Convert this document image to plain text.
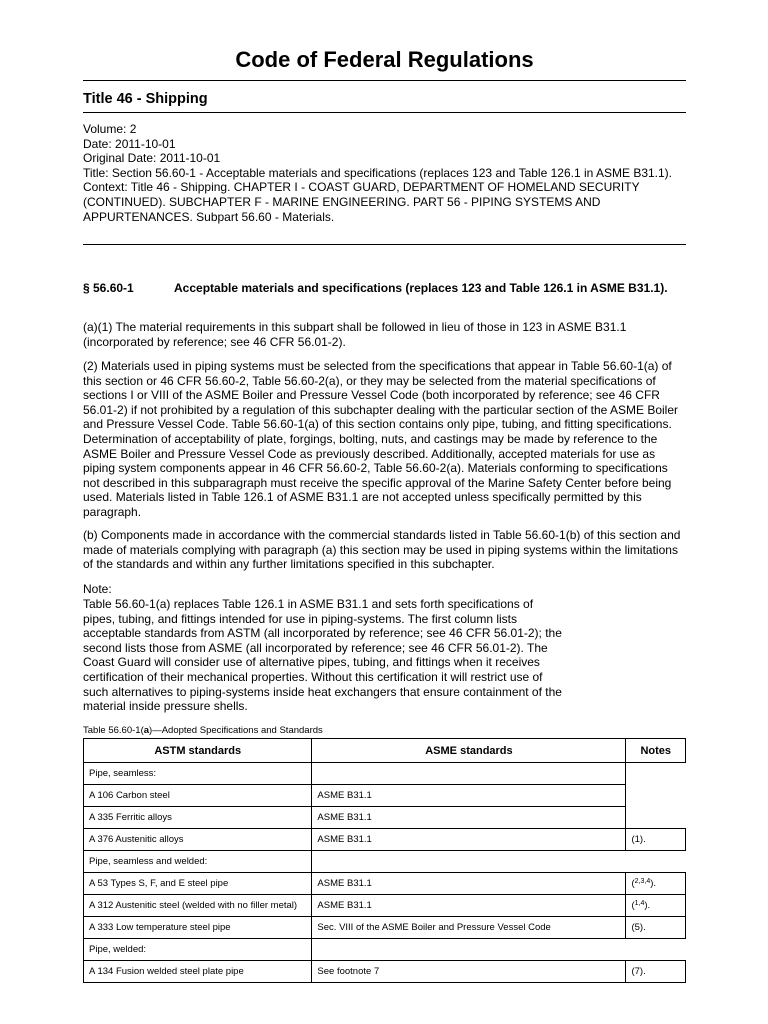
Code of Federal Regulations
Title 46 - Shipping
Volume: 2
Date: 2011-10-01
Original Date: 2011-10-01
Title: Section 56.60-1 - Acceptable materials and specifications (replaces 123 and Table 126.1 in ASME B31.1).
Context: Title 46 - Shipping. CHAPTER I - COAST GUARD, DEPARTMENT OF HOMELAND SECURITY (CONTINUED). SUBCHAPTER F - MARINE ENGINEERING. PART 56 - PIPING SYSTEMS AND APPURTENANCES. Subpart 56.60 - Materials.
§ 56.60-1	Acceptable materials and specifications (replaces 123 and Table 126.1 in ASME B31.1).
(a)(1) The material requirements in this subpart shall be followed in lieu of those in 123 in ASME B31.1 (incorporated by reference; see 46 CFR 56.01-2).
(2) Materials used in piping systems must be selected from the specifications that appear in Table 56.60-1(a) of this section or 46 CFR 56.60-2, Table 56.60-2(a), or they may be selected from the material specifications of sections I or VIII of the ASME Boiler and Pressure Vessel Code (both incorporated by reference; see 46 CFR 56.01-2) if not prohibited by a regulation of this subchapter dealing with the particular section of the ASME Boiler and Pressure Vessel Code. Table 56.60-1(a) of this section contains only pipe, tubing, and fitting specifications. Determination of acceptability of plate, forgings, bolting, nuts, and castings may be made by reference to the ASME Boiler and Pressure Vessel Code as previously described. Additionally, accepted materials for use as piping system components appear in 46 CFR 56.60-2, Table 56.60-2(a). Materials conforming to specifications not described in this subparagraph must receive the specific approval of the Marine Safety Center before being used. Materials listed in Table 126.1 of ASME B31.1 are not accepted unless specifically permitted by this paragraph.
(b) Components made in accordance with the commercial standards listed in Table 56.60-1(b) of this section and made of materials complying with paragraph (a) this section may be used in piping systems within the limitations of the standards and within any further limitations specified in this subchapter.
Note:
Table 56.60-1(a) replaces Table 126.1 in ASME B31.1 and sets forth specifications of pipes, tubing, and fittings intended for use in piping-systems. The first column lists acceptable standards from ASTM (all incorporated by reference; see 46 CFR 56.01-2); the second lists those from ASME (all incorporated by reference; see 46 CFR 56.01-2). The Coast Guard will consider use of alternative pipes, tubing, and fittings when it receives certification of their mechanical properties. Without this certification it will restrict use of such alternatives to piping-systems inside heat exchangers that ensure containment of the material inside pressure shells.
Table 56.60-1(a)—Adopted Specifications and Standards
ASTM standards	ASME standards	Notes
Pipe, seamless:		
A 106 Carbon steel	ASME B31.1	
A 335 Ferritic alloys	ASME B31.1	
A 376 Austenitic alloys	ASME B31.1	(1).
Pipe, seamless and welded:		
A 53 Types S, F, and E steel pipe	ASME B31.1	($^{2,3,4}$).
A 312 Austenitic steel (welded with no filler metal)	ASME B31.1	($^{1,4}$).
A 333 Low temperature steel pipe	Sec. VIII of the ASME Boiler and Pressure Vessel Code	(5).
Pipe, welded:		
A 134 Fusion welded steel plate pipe	See footnote 7	(7).
